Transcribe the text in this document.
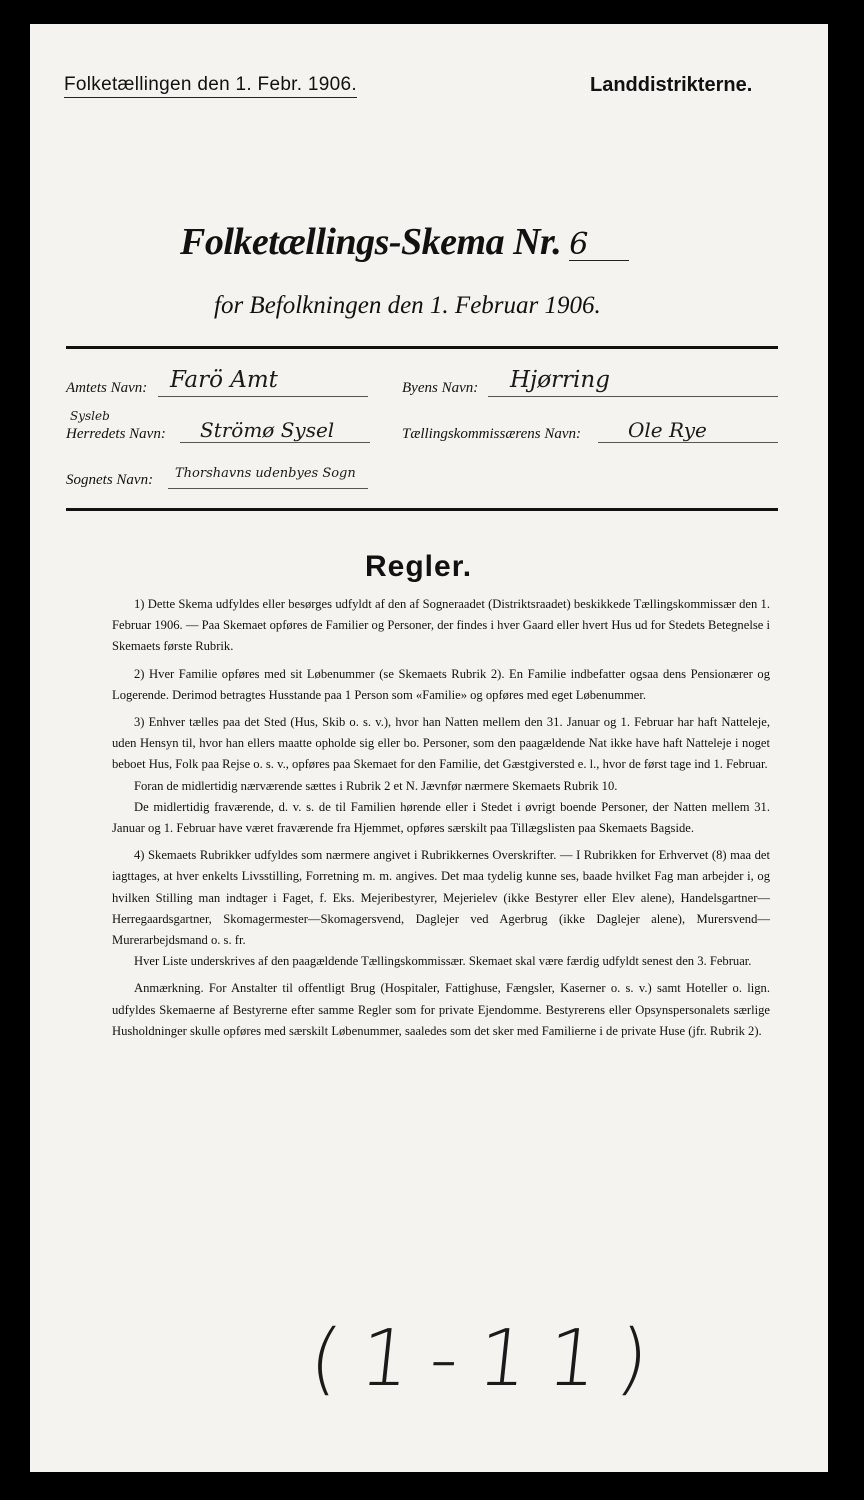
Folketællingen den 1. Febr. 1906.	Landdistrikterne.
Folketællings-Skema Nr. 6
for Befolkningen den 1. Februar 1906.
Amtets Navn: Farö Amt	Byens Navn: Hjørring
Sysleb
Herredets Navn: Strömø Sysel	Tællingskommissærens Navn: Ole Rye
Sognets Navn: Thorshavns udenbyes Sogn
Regler.

1) Dette Skema udfyldes eller besørges udfyldt af den af Sogneraadet (Distriktsraadet) beskikkede Tællingskommissær den 1. Februar 1906. — Paa Skemaet opføres de Familier og Personer, der findes i hver Gaard eller hvert Hus ud for Stedets Betegnelse i Skemaets første Rubrik.

2) Hver Familie opføres med sit Løbenummer (se Skemaets Rubrik 2). En Familie indbefatter ogsaa dens Pensionærer og Logerende. Derimod betragtes Husstande paa 1 Person som «Familie» og opføres med eget Løbenummer.

3) Enhver tælles paa det Sted (Hus, Skib o. s. v.), hvor han Natten mellem den 31. Januar og 1. Februar har haft Natteleje, uden Hensyn til, hvor han ellers maatte opholde sig eller bo. Personer, som den paagældende Nat ikke have haft Natteleje i noget beboet Hus, Folk paa Rejse o. s. v., opføres paa Skemaet for den Familie, det Gæstgiversted e. l., hvor de først tage ind 1. Februar.

Foran de midlertidig nærværende sættes i Rubrik 2 et N. Jævnfør nærmere Skemaets Rubrik 10.

De midlertidig fraværende, d. v. s. de til Familien hørende eller i Stedet i øvrigt boende Personer, der Natten mellem 31. Januar og 1. Februar have været fraværende fra Hjemmet, opføres særskilt paa Tillægslisten paa Skemaets Bagside.

4) Skemaets Rubrikker udfyldes som nærmere angivet i Rubrikkernes Overskrifter. — I Rubrikken for Erhvervet (8) maa det iagttages, at hver enkelts Livsstilling, Forretning m. m. angives. Det maa tydelig kunne ses, baade hvilket Fag man arbejder i, og hvilken Stilling man indtager i Faget, f. Eks. Mejeribestyrer, Mejerielev (ikke Bestyrer eller Elev alene), Handelsgartner—Herregaardsgartner, Skomagermester—Skomagersvend, Daglejer ved Agerbrug (ikke Daglejer alene), Murersvend—Murerarbejdsmand o. s. fr.

Hver Liste underskrives af den paagældende Tællingskommissær. Skemaet skal være færdig udfyldt senest den 3. Februar.

Anmærkning. For Anstalter til offentligt Brug (Hospitaler, Fattighuse, Fængsler, Kaserner o. s. v.) samt Hoteller o. lign. udfyldes Skemaerne af Bestyrerne efter samme Regler som for private Ejendomme. Bestyrerens eller Opsynspersonalets særlige Husholdninger skulle opføres med særskilt Løbenummer, saaledes som det sker med Familierne i de private Huse (jfr. Rubrik 2).

(1-11)
